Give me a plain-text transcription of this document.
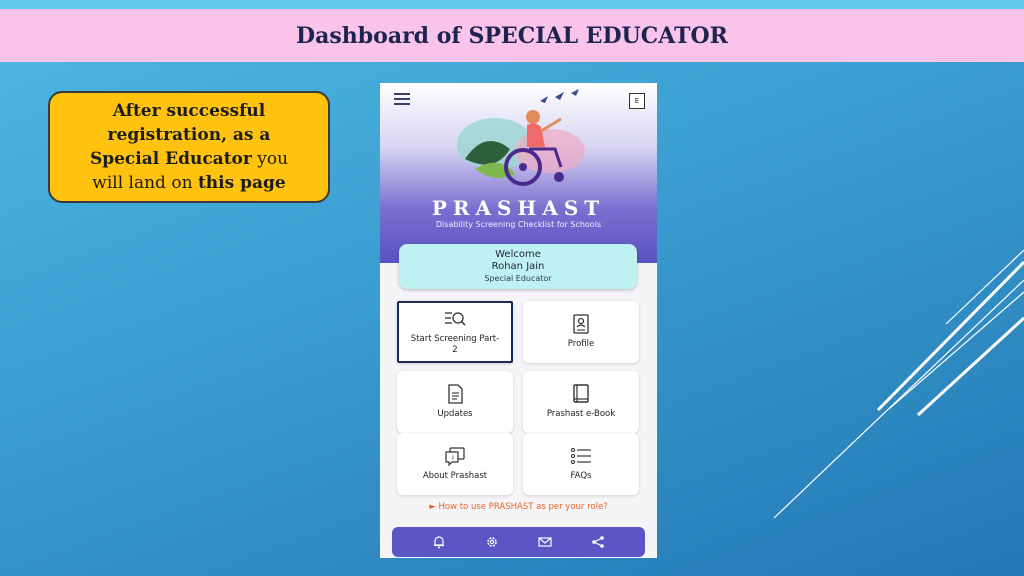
Dashboard of SPECIAL EDUCATOR
After successful
registration, as a
Special Educator you
will land on this page
E
PRASHAST
Disability Screening Checklist for Schools
Welcome
Rohan Jain
Special Educator
Start Screening Part-2
Profile
Updates	Prashast e-Book
i
About Prashast	FAQs
► How to use PRASHAST as per your role?
